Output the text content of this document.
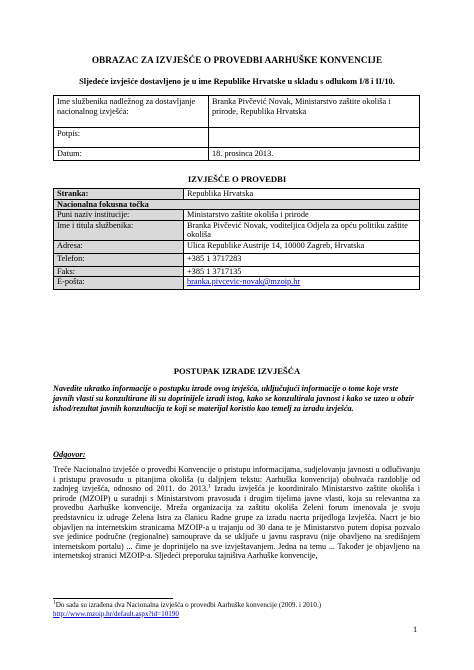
OBRAZAC ZA IZVJEŠĆE O PROVEDBI AARHUŠKE KONVENCIJE
Sljedeće izvješće dostavljeno je u ime Republike Hrvatske u skladu s odlukom I/8 i II/10.
Ime službenika nadležnog za dostavljanje nacionalnog izvješća:	Branka Pivčević Novak, Ministarstvo zaštite okoliša i prirode, Republika Hrvatska
Potpis:	
Datum:	18. prosinca 2013.
IZVJEŠĆE O PROVEDBI
Stranka:	Republika Hrvatska
Nacionalna fokusna točka	
Puni naziv institucije:	Ministarstvo zaštite okoliša i prirode
Ime i titula službenika:	Branka Pivčević Novak, voditeljica Odjela za opću politiku zaštite okoliša
Adresa:	Ulica Republike Austrije 14, 10000 Zagreb, Hrvatska
Telefon:	+385 1 3717283
Faks:	+385 1 3717135
E-pošta:	branka.pivcevic-novak@mzoip.hr
POSTUPAK IZRADE IZVJEŠĆA
Navedite ukratko informacije o postupku izrade ovog izvješća, uključujući informacije o tome koje vrste javnih vlasti su konzultirane ili su doprinijele izradi istog, kako se konzultirala javnost i kako se uzeo u obzir ishod/rezultat javnih konzultacija te koji se materijal koristio kao temelj za izradu izvješća.
Odgovor:
Treće Nacionalno izvješće o provedbi Konvencije o pristupu informacijama, sudjelovanju javnosti u odlučivanju i pristupu pravosuđu u pitanjima okoliša (u daljnjem tekstu: Aarhuška konvencija) obuhvaća razdoblje od zadnjeg izvješća, odnosno od 2011. do 2013.$^1$ Izradu izvješća je koordiniralo Ministarstvo zaštite okoliša i prirode (MZOIP) u suradnji s Ministarstvom pravosuđa i drugim tijelima javne vlasti, koja su relevantna za provedbu Aarhuške konvencije. Mreža organizacija za zaštitu okoliša Zeleni forum imenovala je svoju predstavnicu iz udruge Zelena Istra za članicu Radne grupe za izradu nacrta prijedloga Izvješća. Nacrt je bio objavljen na internetskim stranicama MZOIP-a u trajanju od 30 dana te je Ministarstvo putem dopisa pozvalo sve jedinice područne (regionalne) samouprave da se uključe u javnu raspravu (nije obavljeno na središnjem internetskom portalu) ... čime je doprinijelo na sve izvještavanjem. Jedna na temu ... Također je objavljeno na internetskoj stranici MZOIP-a. Sljedeći preporuku tajništva Aarhuške konvencije,
$^1$Do sada su izrađena dva Nacionalna izvješća o provedbi Aarhuške konvencije (2009. i 2010.)
http://www.mzoip.hr/default.aspx?id=10190
1
